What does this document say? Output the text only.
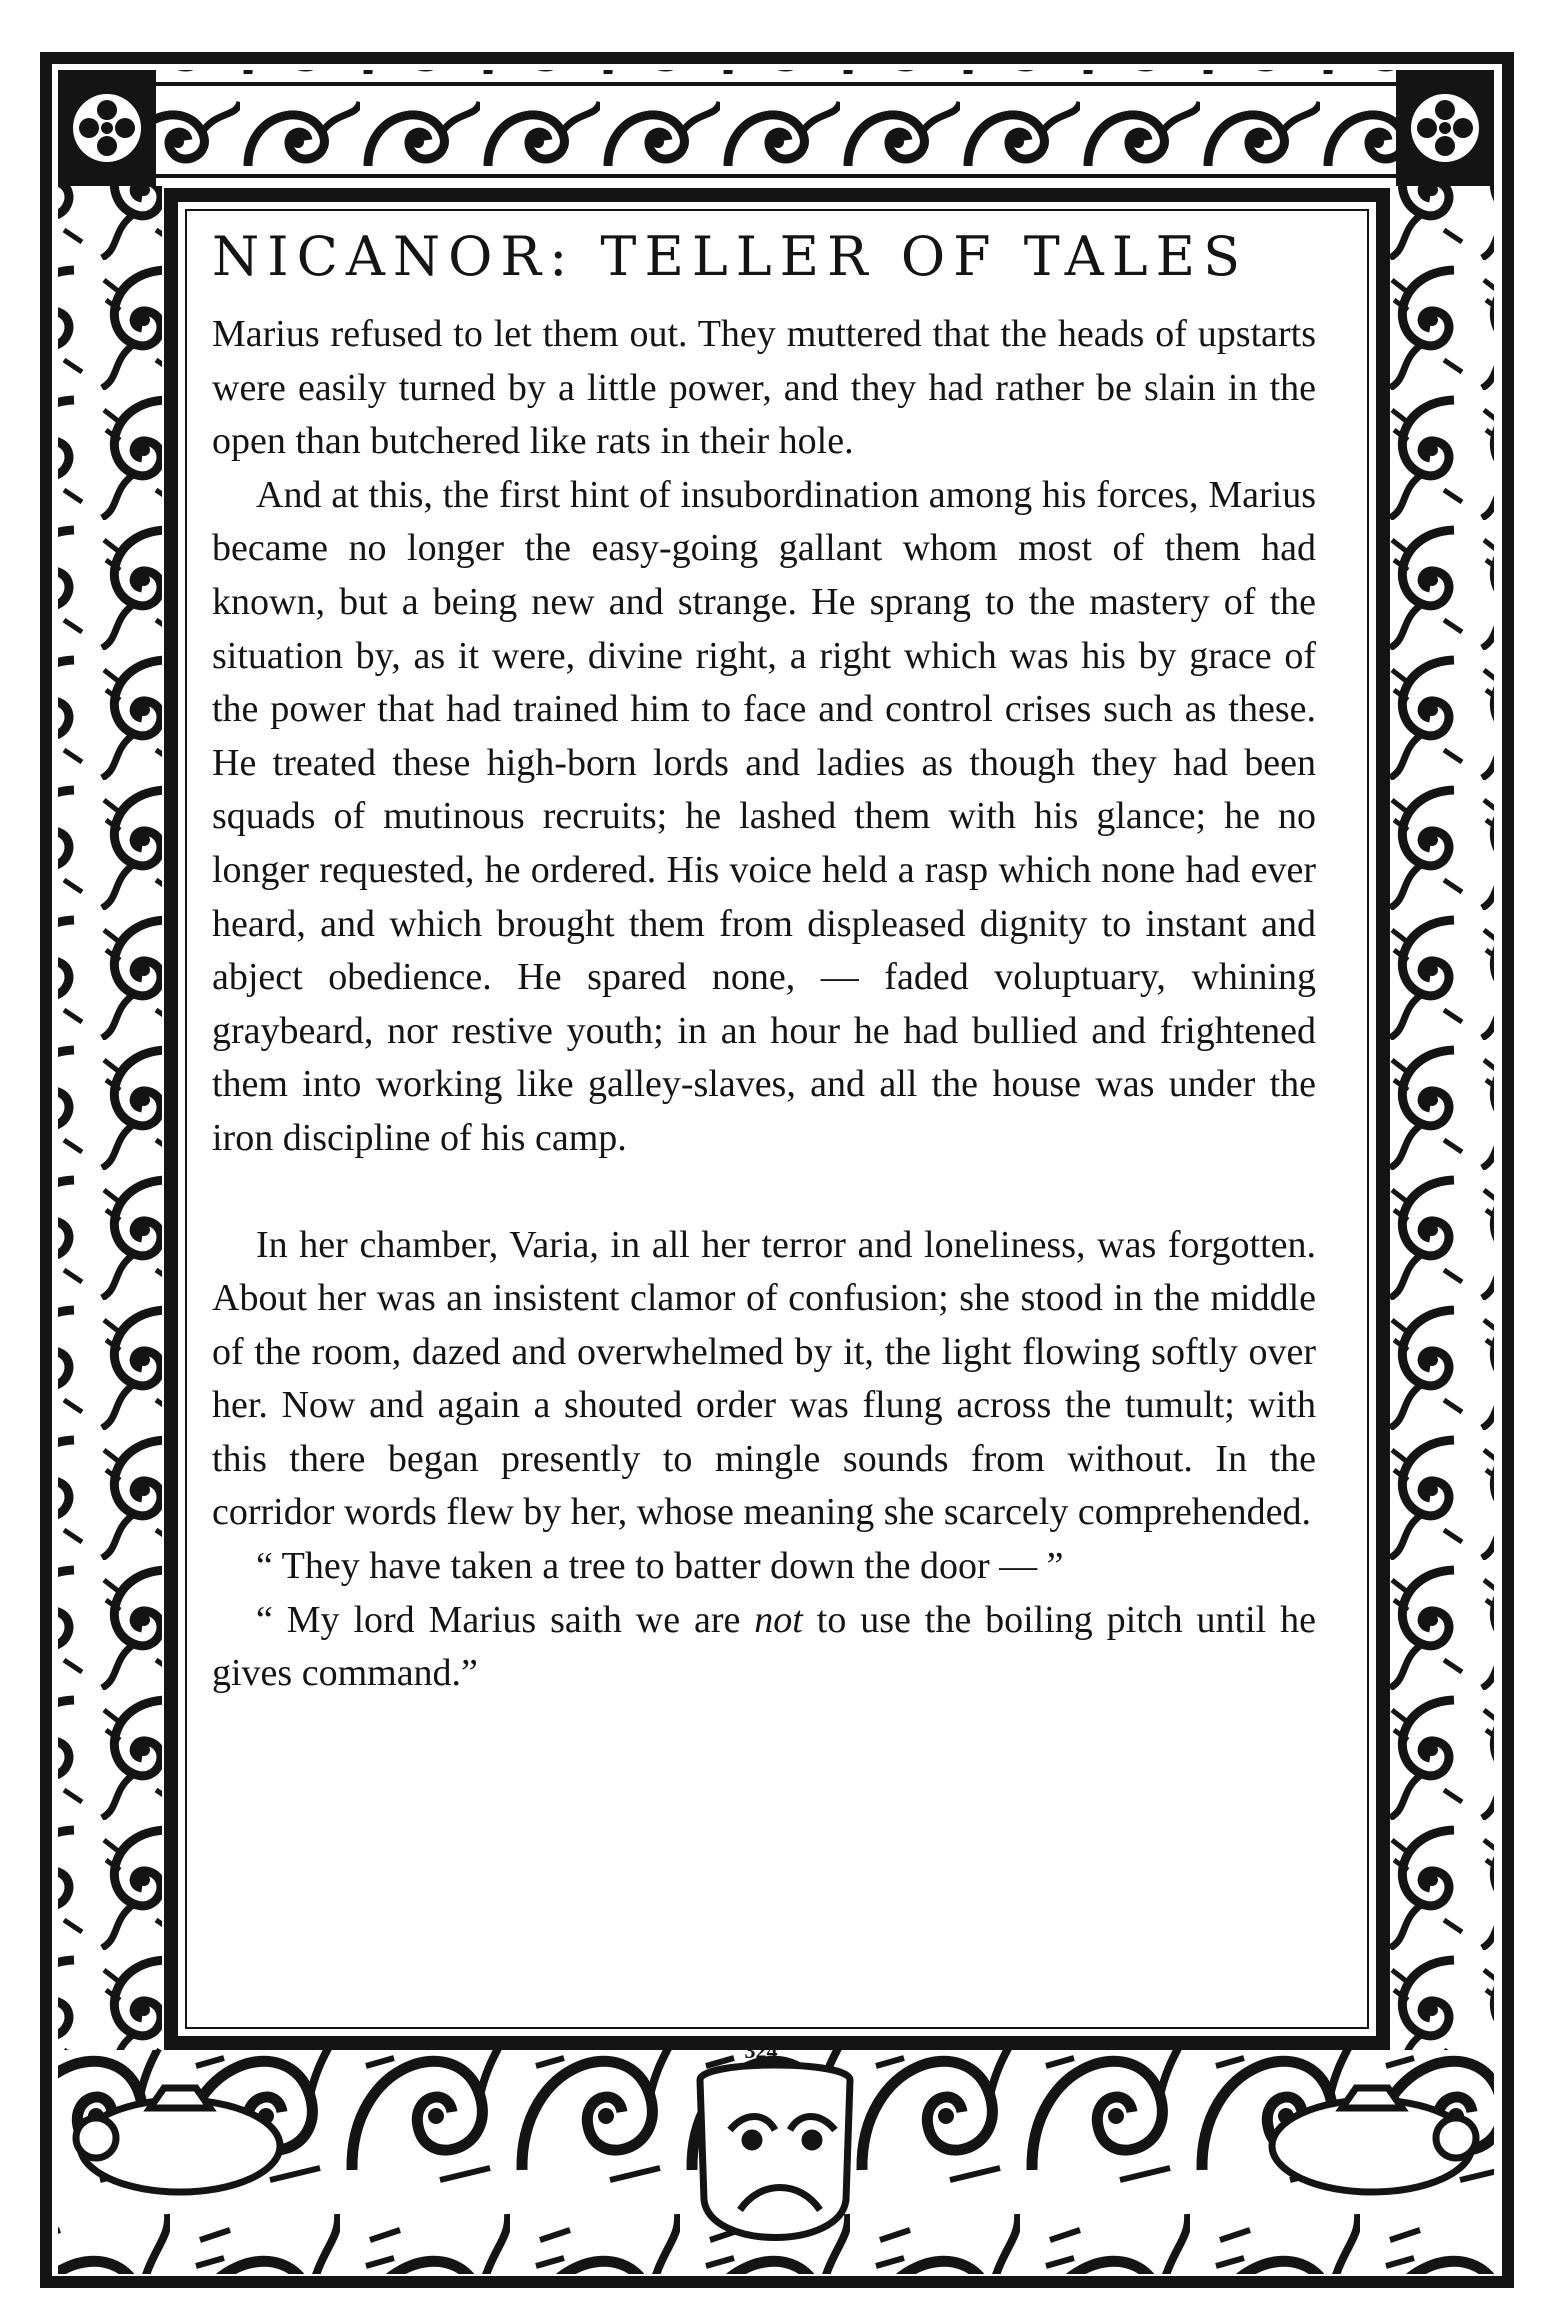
NICANOR: TELLER OF TALES

Marius refused to let them out. They muttered that the heads of upstarts were easily turned by a little power, and they had rather be slain in the open than butchered like rats in their hole.

And at this, the first hint of insubordination among his forces, Marius became no longer the easy-going gallant whom most of them had known, but a being new and strange. He sprang to the mastery of the situation by, as it were, divine right, a right which was his by grace of the power that had trained him to face and control crises such as these. He treated these high-born lords and ladies as though they had been squads of mutinous recruits; he lashed them with his glance; he no longer requested, he ordered. His voice held a rasp which none had ever heard, and which brought them from displeased dignity to instant and abject obedience. He spared none, — faded voluptuary, whining graybeard, nor restive youth; in an hour he had bullied and frightened them into working like galley-slaves, and all the house was under the iron discipline of his camp.

In her chamber, Varia, in all her terror and loneliness, was forgotten. About her was an insistent clamor of confusion; she stood in the middle of the room, dazed and overwhelmed by it, the light flowing softly over her. Now and again a shouted order was flung across the tumult; with this there began presently to mingle sounds from without. In the corridor words flew by her, whose meaning she scarcely comprehended.

“ They have taken a tree to batter down the door — ”

“ My lord Marius saith we are not to use the boiling pitch until he gives command.”

324
